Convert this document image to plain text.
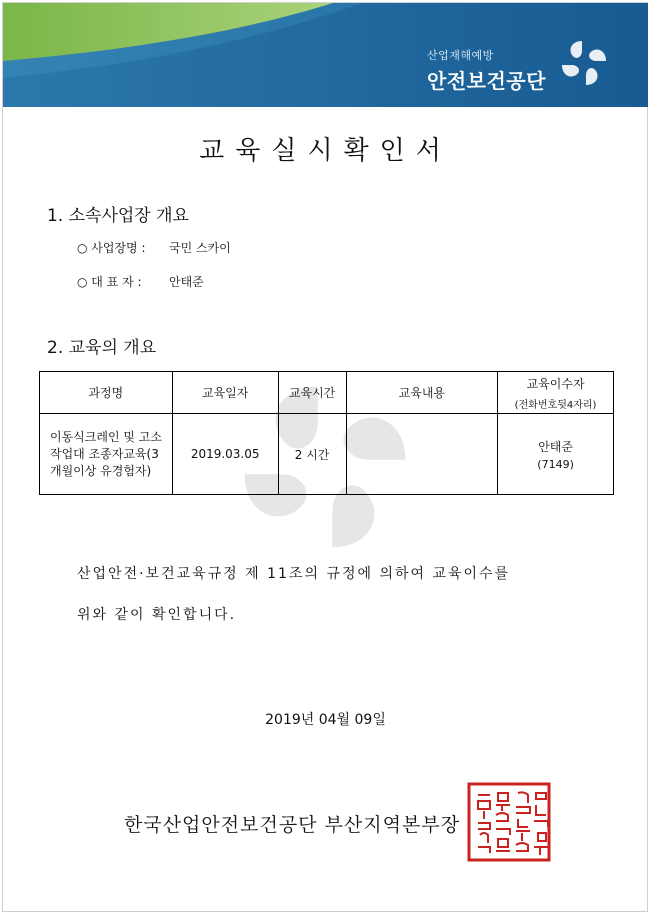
산업재해예방
안전보건공단
교육실시확인서
1. 소속사업장 개요
○ 사업장명 : 국민 스카이
○ 대 표 자 : 안태준
2. 교육의 개요
과정명	교육일자	교육시간	교육내용	교육이수자
(전화번호뒷4자리)

이동식크레인 및 고소작업대 조종자교육(3개월이상 유경험자)	2019.03.05	2 시간		안태준
(7149)
산업안전·보건교육규정 제 11조의 규정에 의하여 교육이수를
위와 같이 확인합니다.
2019년 04월 09일
한국산업안전보건공단 부산지역본부장
